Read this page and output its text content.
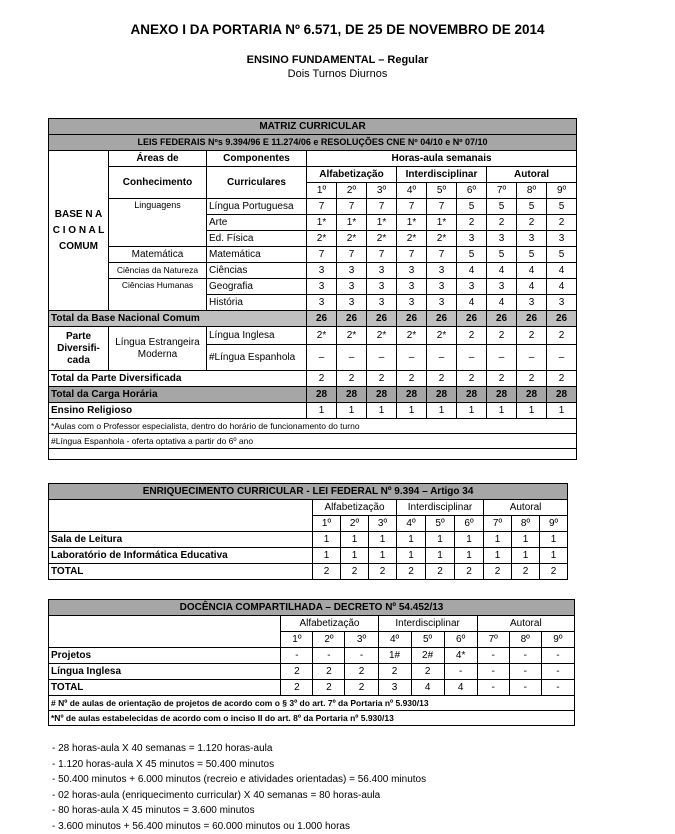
ANEXO I DA PORTARIA Nº 6.571, DE 25 DE NOVEMBRO DE 2014
ENSINO FUNDAMENTAL – Regular
Dois Turnos Diurnos
MATRIZ CURRICULAR											
LEIS FEDERAIS Nºs 9.394/96 E 11.274/06 e RESOLUÇÕES CNE Nº 04/10 e Nº 07/10											
BASE N A C I O N A L COMUM	Áreas de	Componentes	Horas-aula semanais								
	Conhecimento	Curriculares	Alfabetização			Interdisciplinar			Autoral		
			1º	2º	3º	4º	5º	6º	7º	8º	9º
	Linguagens	Língua Portuguesa	7	7	7	7	7	5	5	5	5
		Arte	1*	1*	1*	1*	1*	2	2	2	2
		Ed. Física	2*	2*	2*	2*	2*	3	3	3	3
	Matemática	Matemática	7	7	7	7	7	5	5	5	5
	Ciências da Natureza	Ciências	3	3	3	3	3	4	4	4	4
	Ciências Humanas	Geografia	3	3	3	3	3	3	3	4	4
		História	3	3	3	3	3	4	4	3	3
Total da Base Nacional Comum			26	26	26	26	26	26	26	26	26
Parte Diversifi- cada	Língua Estrangeira Moderna	Língua Inglesa	2*	2*	2*	2*	2*	2	2	2	2
		#Língua Espanhola	–	–	–	–	–	–	–	–	–
Total da Parte Diversificada			2	2	2	2	2	2	2	2	2
Total da Carga Horária			28	28	28	28	28	28	28	28	28
Ensino Religioso			1	1	1	1	1	1	1	1	1
*Aulas com o Professor especialista, dentro do horário de funcionamento do turno											
#Língua Espanhola - oferta optativa a partir do 6º ano											

ENRIQUECIMENTO CURRICULAR - LEI FEDERAL Nº 9.394 – Artigo 34									
	Alfabetização			Interdisciplinar			Autoral		
	1º	2º	3º	4º	5º	6º	7º	8º	9º
Sala de Leitura	1	1	1	1	1	1	1	1	1
Laboratório de Informática Educativa	1	1	1	1	1	1	1	1	1
TOTAL	2	2	2	2	2	2	2	2	2
DOCÊNCIA COMPARTILHADA – DECRETO Nº 54.452/13									
	Alfabetização			Interdisciplinar			Autoral		
	1º	2º	3º	4º	5º	6º	7º	8º	9º
Projetos	-	-	-	1#	2#	4*	-	-	-
Língua Inglesa	2	2	2	2	2	-	-	-	-
TOTAL	2	2	2	3	4	4	-	-	-
# Nº de aulas de orientação de projetos de acordo com o § 3º do art. 7º da Portaria nº 5.930/13									
*Nº de aulas estabelecidas de acordo com o inciso II do art. 8º da Portaria nº 5.930/13									
- 28 horas-aula X 40 semanas = 1.120 horas-aula
- 1.120 horas-aula X 45 minutos = 50.400 minutos
- 50.400 minutos + 6.000 minutos (recreio e atividades orientadas) = 56.400 minutos
- 02 horas-aula (enriquecimento curricular) X 40 semanas = 80 horas-aula
- 80 horas-aula X 45 minutos = 3.600 minutos
- 3.600 minutos + 56.400 minutos = 60.000 minutos ou 1.000 horas
